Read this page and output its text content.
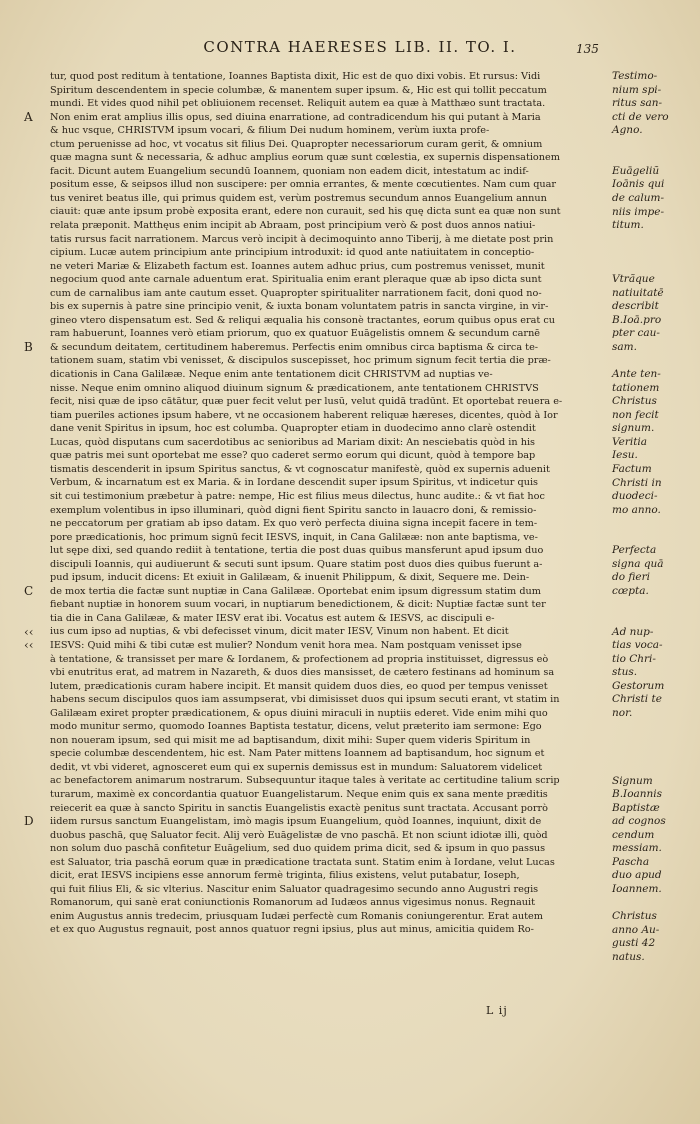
CONTRA HAERESES LIB. II. TO. I.	135
A
B
C
‹‹
‹‹
D
tur, quod post reditum à tentatione, Ioannes Baptista dixit, Hic est de quo dixi vobis. Et rursus: Vidi
Spiritum descendentem in specie columbæ, & manentem super ipsum. &, Hic est qui tollit peccatum
mundi. Et vides quod nihil pet obliuionem recenset. Reliquit autem ea quæ à Matthæo sunt tractata.
Non enim erat amplius illis opus, sed diuina enarratione, ad contradicendum his qui putant à Maria
& huc vsque, CHRISTVM ipsum vocari, & filium Dei nudum hominem, verùm iuxta profe-
ctum peruenisse ad hoc, vt vocatus sit filius Dei. Quapropter necessariorum curam gerit, & omnium
quæ magna sunt & necessaria, & adhuc amplius eorum quæ sunt cœlestia, ex supernis dispensationem
facit. Dicunt autem Euangelium secundū Ioannem, quoniam non eadem dicit, intestatum ac indif-
positum esse, & seipsos illud non suscipere: per omnia errantes, & mente cœcutientes. Nam cum quar
tus veniret beatus ille, qui primus quidem est, verùm postremus secundum annos Euangelium annun
ciauit: quæ ante ipsum probè exposita erant, edere non curauit, sed his quę dicta sunt ea quæ non sunt
relata præponit. Matthęus enim incipit ab Abraam, post principium verò & post duos annos natiui-
tatis rursus facit narrationem. Marcus verò incipit à decimoquinto anno Tiberij, à me dietate post prin
cipium. Lucæ autem principium ante principium introduxit: id quod ante natiuitatem in conceptio-
ne veteri Mariæ & Elizabeth factum est. Ioannes autem adhuc prius, cum postremus venisset, munit
negocium quod ante carnale aduentum erat. Spiritualia enim erant pleraque quæ ab ipso dicta sunt
cum de carnalibus iam ante cautum esset. Quapropter spiritualiter narrationem facit, doni quod no-
bis ex supernis à patre sine principio venit, & iuxta bonam voluntatem patris in sancta virgine, in vir-
gineo vtero dispensatum est. Sed & reliqui æqualia his consonè tractantes, eorum quibus opus erat cu
ram habuerunt, Ioannes verò etiam priorum, quo ex quatuor Euāgelistis omnem & secundum carnē
& secundum deitatem, certitudinem haberemus. Perfectis enim omnibus circa baptisma & circa te-
tationem suam, statim vbi venisset, & discipulos suscepisset, hoc primum signum fecit tertia die præ-
dicationis in Cana Galilææ. Neque enim ante tentationem dicit CHRISTVM ad nuptias ve-
nisse. Neque enim omnino aliquod diuinum signum & prædicationem, ante tentationem CHRISTVS
fecit, nisi quæ de ipso cātātur, quæ puer fecit velut per lusū, velut quidā tradūnt. Et oportebat reuera e-
tiam pueriles actiones ipsum habere, vt ne occasionem haberent reliquæ hæreses, dicentes, quòd à Ior
dane venit Spiritus in ipsum, hoc est columba. Quapropter etiam in duodecimo anno clarè ostendit
Lucas, quòd disputans cum sacerdotibus ac senioribus ad Mariam dixit: An nesciebatis quòd in his
quæ patris mei sunt oportebat me esse? quo caderet sermo eorum qui dicunt, quòd à tempore bap
tismatis descenderit in ipsum Spiritus sanctus, & vt cognoscatur manifestè, quòd ex supernis aduenit
Verbum, & incarnatum est ex Maria. & in Iordane descendit super ipsum Spiritus, vt indicetur quis
sit cui testimonium præbetur à patre: nempe, Hic est filius meus dilectus, hunc audite.: & vt fiat hoc
exemplum volentibus in ipso illuminari, quòd digni fient Spiritu sancto in lauacro doni, & remissio-
ne peccatorum per gratiam ab ipso datam. Ex quo verò perfecta diuina signa incepit facere in tem-
pore prædicationis, hoc primum signū fecit IESVS, inquit, in Cana Galilææ: non ante baptisma, ve-
lut sępe dixi, sed quando rediit à tentatione, tertia die post duas quibus mansferunt apud ipsum duo
discipuli Ioannis, qui audiuerunt & secuti sunt ipsum. Quare statim post duos dies quibus fuerunt a-
pud ipsum, inducit dicens: Et exiuit in Galilæam, & inuenit Philippum, & dixit, Sequere me. Dein-
de mox tertia die factæ sunt nuptiæ in Cana Galilææ. Oportebat enim ipsum digressum statim dum
fiebant nuptiæ in honorem suum vocari, in nuptiarum benedictionem, & dicit: Nuptiæ factæ sunt ter
tia die in Cana Galilææ, & mater IESV erat ibi. Vocatus est autem & IESVS, ac discipuli e-
ius cum ipso ad nuptias, & vbi defecisset vinum, dicit mater IESV, Vinum non habent. Et dicit
IESVS: Quid mihi & tibi cutæ est mulier? Nondum venit hora mea. Nam postquam venisset ipse
à tentatione, & transisset per mare & Iordanem, & profectionem ad propria instituisset, digressus eò
vbi enutritus erat, ad matrem in Nazareth, & duos dies mansisset, de cætero festinans ad hominum sa
lutem, prædicationis curam habere incipit. Et mansit quidem duos dies, eo quod per tempus venisset
habens secum discipulos quos iam assumpserat, vbi dimisisset duos qui ipsum secuti erant, vt statim in
Galilæam exiret propter prædicationem, & opus diuini miraculi in nuptiis ederet. Vide enim mihi quo
modo munitur sermo, quomodo Ioannes Baptista testatur, dicens, velut præterito iam sermone: Ego
non noueram ipsum, sed qui misit me ad baptisandum, dixit mihi: Super quem videris Spiritum in
specie columbæ descendentem, hic est. Nam Pater mittens Ioannem ad baptisandum, hoc signum et
dedit, vt vbi videret, agnosceret eum qui ex supernis demissus est in mundum: Saluatorem videlicet
ac benefactorem animarum nostrarum. Subsequuntur itaque tales à veritate ac certitudine talium scrip
turarum, maximè ex concordantia quatuor Euangelistarum. Neque enim quis ex sana mente præditis
reiecerit ea quæ à sancto Spiritu in sanctis Euangelistis exactè penitus sunt tractata. Accusant porrò
iidem rursus sanctum Euangelistam, imò magis ipsum Euangelium, quòd Ioannes, inquiunt, dixit de
duobus paschā, quę Saluator fecit. Alij verò Euāgelistæ de vno paschā. Et non sciunt idiotæ illi, quòd
non solum duo paschā confitetur Euāgelium, sed duo quidem prima dicit, sed & ipsum in quo passus
est Saluator, tria paschā eorum quæ in prædicatione tractata sunt. Statim enim à Iordane, velut Lucas
dicit, erat IESVS incipiens esse annorum fermè triginta, filius existens, velut putabatur, Ioseph,
qui fuit filius Eli, & sic vlterius. Nascitur enim Saluator quadragesimo secundo anno Augustri regis
Romanorum, qui sanè erat coniunctionis Romanorum ad Iudæos annus vigesimus nonus. Regnauit
enim Augustus annis tredecim, priusquam Iudæi perfectè cum Romanis coniungerentur. Erat autem
et ex quo Augustus regnauit, post annos quatuor regni ipsius, plus aut minus, amicitia quidem Ro-
Testimo-
nium spi-
ritus san-
cti de vero
Agno.
Euāgeliũ
Ioānis qui
de calum-
niis impe-
titum.
Vtrãque
natiuitatē
describit
B.Ioā.pro
pter cau-
sam.
Ante ten-
tationem
Christus
non fecit
signum.
Veritia
Iesu.
Factum
Christi in
duodeci-
mo anno.
Perfecta
signa quā
do fieri
cœpta.
Ad nup-
tias voca-
tio Chri-
stus.
Gestorum
Christi te
nor.
Signum
B.Ioannis
Baptistæ
ad cognos
cendum
messiam.
Pascha
duo apud
Ioannem.
Christus
anno Au-
gusti 42
natus.
L ij
